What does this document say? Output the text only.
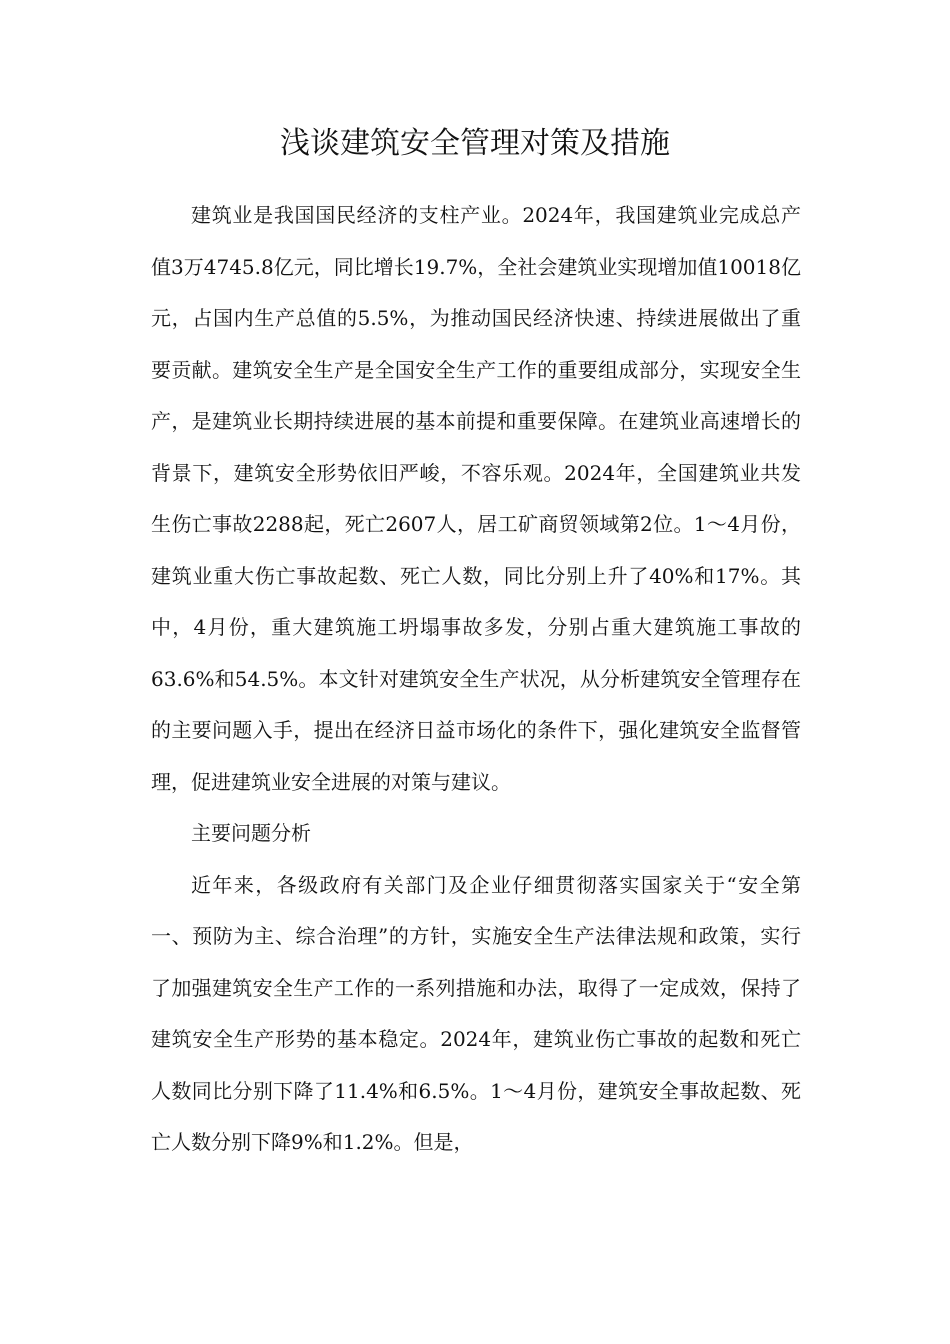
浅谈建筑安全管理对策及措施

建筑业是我国国民经济的支柱产业。2024年，我国建筑业完成总产值3万4745.8亿元，同比增长19.7%，全社会建筑业实现增加值10018亿元，占国内生产总值的5.5%，为推动国民经济快速、持续进展做出了重要贡献。建筑安全生产是全国安全生产工作的重要组成部分，实现安全生产，是建筑业长期持续进展的基本前提和重要保障。在建筑业高速增长的背景下，建筑安全形势依旧严峻，不容乐观。2024年，全国建筑业共发生伤亡事故2288起，死亡2607人，居工矿商贸领域第2位。1～4月份，建筑业重大伤亡事故起数、死亡人数，同比分别上升了40%和17%。其中，4月份，重大建筑施工坍塌事故多发，分别占重大建筑施工事故的63.6%和54.5%。本文针对建筑安全生产状况，从分析建筑安全管理存在的主要问题入手，提出在经济日益市场化的条件下，强化建筑安全监督管理，促进建筑业安全进展的对策与建议。

主要问题分析

近年来，各级政府有关部门及企业仔细贯彻落实国家关于“安全第一、预防为主、综合治理”的方针，实施安全生产法律法规和政策，实行了加强建筑安全生产工作的一系列措施和办法，取得了一定成效，保持了建筑安全生产形势的基本稳定。2024年，建筑业伤亡事故的起数和死亡人数同比分别下降了11.4%和6.5%。1～4月份，建筑安全事故起数、死亡人数分别下降9%和1.2%。但是，
